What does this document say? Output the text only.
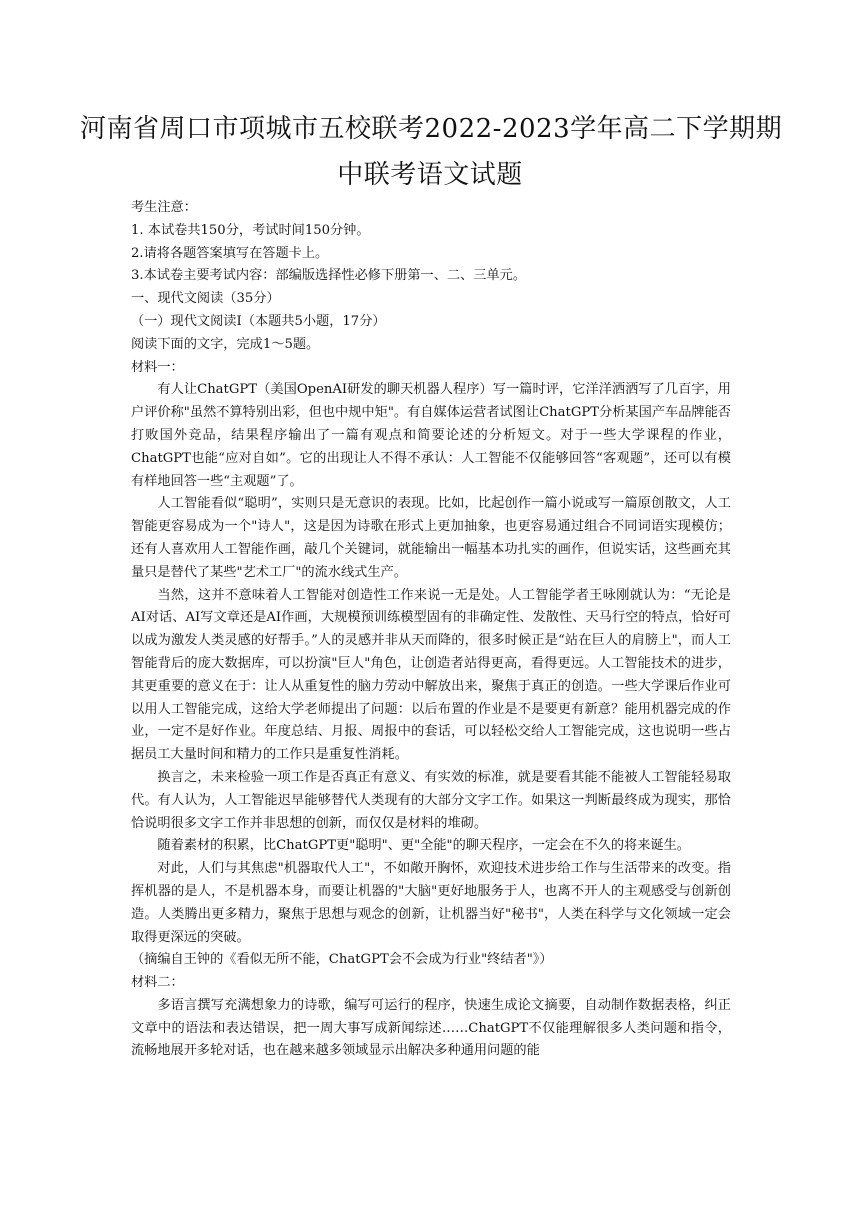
河南省周口市项城市五校联考2022-2023学年高二下学期期
中联考语文试题

考生注意：

1. 本试卷共150分，考试时间150分钟。

2.请将各题答案填写在答题卡上。

3.本试卷主要考试内容：部编版选择性必修下册第一、二、三单元。

一、现代文阅读（35分）

（一）现代文阅读Ⅰ（本题共5小题，17分）

阅读下面的文字，完成1～5题。

材料一：

有人让ChatGPT（美国OpenAI研发的聊天机器人程序）写一篇时评，它洋洋洒洒写了几百字，用户评价称"虽然不算特别出彩，但也中规中矩"。有自媒体运营者试图让ChatGPT分析某国产车品牌能否打败国外竞品，结果程序输出了一篇有观点和简要论述的分析短文。对于一些大学课程的作业，ChatGPT也能“应对自如”。它的出现让人不得不承认：人工智能不仅能够回答“客观题”，还可以有模有样地回答一些“主观题”了。

人工智能看似“聪明”，实则只是无意识的表现。比如，比起创作一篇小说或写一篇原创散文，人工智能更容易成为一个"诗人"，这是因为诗歌在形式上更加抽象，也更容易通过组合不同词语实现模仿；还有人喜欢用人工智能作画，敲几个关键词，就能输出一幅基本功扎实的画作，但说实话，这些画充其量只是替代了某些"艺术工厂"的流水线式生产。

当然，这并不意味着人工智能对创造性工作来说一无是处。人工智能学者王咏刚就认为：“无论是AI对话、AI写文章还是AI作画，大规模预训练模型固有的非确定性、发散性、天马行空的特点，恰好可以成为激发人类灵感的好帮手。”人的灵感并非从天而降的，很多时候正是“站在巨人的肩膀上"，而人工智能背后的庞大数据库，可以扮演"巨人"角色，让创造者站得更高，看得更远。人工智能技术的进步，其更重要的意义在于：让人从重复性的脑力劳动中解放出来，聚焦于真正的创造。一些大学课后作业可以用人工智能完成，这给大学老师提出了问题：以后布置的作业是不是要更有新意？能用机器完成的作业，一定不是好作业。年度总结、月报、周报中的套话，可以轻松交给人工智能完成，这也说明一些占据员工大量时间和精力的工作只是重复性消耗。

换言之，未来检验一项工作是否真正有意义、有实效的标准，就是要看其能不能被人工智能轻易取代。有人认为，人工智能迟早能够替代人类现有的大部分文字工作。如果这一判断最终成为现实，那恰恰说明很多文字工作并非思想的创新，而仅仅是材料的堆砌。

随着素材的积累，比ChatGPT更"聪明"、更"全能"的聊天程序，一定会在不久的将来诞生。

对此，人们与其焦虑"机器取代人工"，不如敞开胸怀，欢迎技术进步给工作与生活带来的改变。指挥机器的是人，不是机器本身，而要让机器的"大脑"更好地服务于人，也离不开人的主观感受与创新创造。人类腾出更多精力，聚焦于思想与观念的创新，让机器当好"秘书"，人类在科学与文化领域一定会取得更深远的突破。

（摘编自王钟的《看似无所不能，ChatGPT会不会成为行业"终结者"》）

材料二：

多语言撰写充满想象力的诗歌，编写可运行的程序，快速生成论文摘要，自动制作数据表格，纠正文章中的语法和表达错误，把一周大事写成新闻综述……ChatGPT不仅能理解很多人类问题和指令，流畅地展开多轮对话，也在越来越多领域显示出解决多种通用问题的能
